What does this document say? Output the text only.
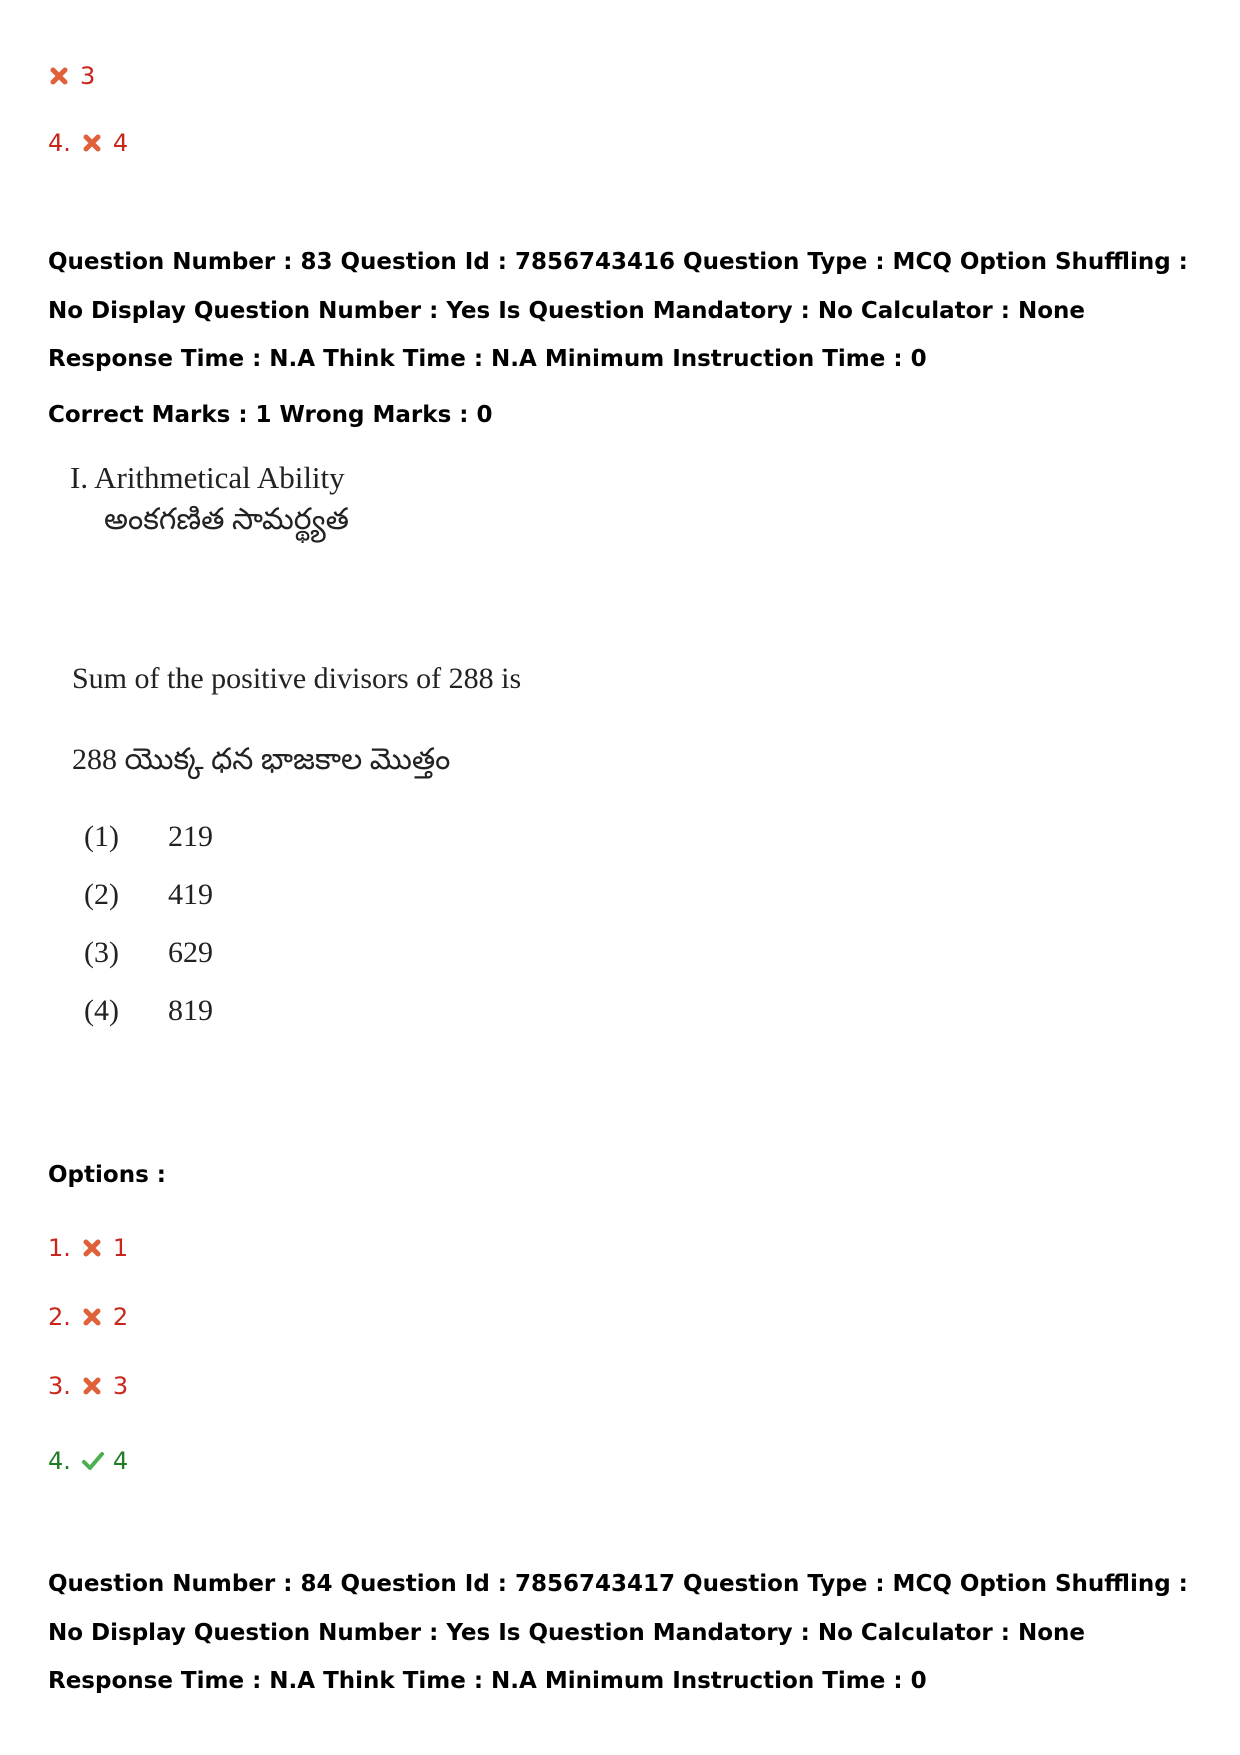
3
4. 4
Question Number : 83 Question Id : 7856743416 Question Type : MCQ Option Shuffling : No Display Question Number : Yes Is Question Mandatory : No Calculator : None Response Time : N.A Think Time : N.A Minimum Instruction Time : 0
Correct Marks : 1 Wrong Marks : 0
I. Arithmetical Ability
అంకగణిత సామర్థ్యత
Sum of the positive divisors of 288 is
288 యొక్క ధన భాజకాల మొత్తం
(1) 219
(2) 419
(3) 629
(4) 819
Options :
1. 1
2. 2
3. 3
4. 4
Question Number : 84 Question Id : 7856743417 Question Type : MCQ Option Shuffling : No Display Question Number : Yes Is Question Mandatory : No Calculator : None Response Time : N.A Think Time : N.A Minimum Instruction Time : 0
